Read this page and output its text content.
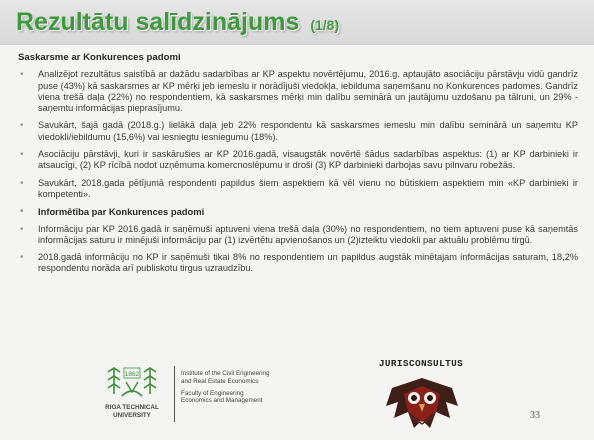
Rezultātu salīdzinājums (1/8)
Saskarsme ar Konkurences padomi
• Analizējot rezultātus saistībā ar dažādu sadarbības ar KP aspektu novērtējumu, 2016.g. aptaujāto asociāciju pārstāvju vidū gandrīz puse (43%) kā saskarsmes ar KP mērķi jeb iemeslu ir norādījuši viedokļa, iebilduma saņemšanu no Konkurences padomes. Gandrīz viena trešā daļa (22%) no respondentiem, kā saskarsmes mērķi min dalību seminārā un jautājumu uzdošanu pa tālruni, un 29% -saņemtu informācijas pieprasījumu.
• Savukārt, šajā gadā (2018.g.) lielākā daļa jeb 22% respondentu kā saskarsmes iemeslu min dalību seminārā un saņemtu KP viedokli/iebildumu (15,6%) vai iesniegtu iesniegumu (18%).
• Asociāciju pārstāvji, kuri ir saskārušies ar KP 2016.gadā, visaugstāk novērtē šādus sadarbības aspektus: (1) ar KP darbinieki ir atsaucīgi, (2) KP rīcībā nodot uzņēmuma komercnoslēpumu ir droši (3) KP darbinieki darbojas savu pilnvaru robežās.
• Savukārt, 2018.gada pētījumā respondenti papildus šiem aspektiem kā vēl vienu no būtiskiem aspektiem min «KP darbinieki ir kompetenti».
• Informētība par Konkurences padomi
• Informāciju par KP 2016.gadā ir saņēmuši aptuveni viena trešā daļa (30%) no respondentiem, no tiem aptuveni puse kā saņemtās informācijas saturu ir minējuši informāciju par (1) izvērtētu apvienošanos un (2)izteiktu viedokli par aktuālu problēmu tirgū.
• 2018.gadā informāciju no KP ir saņēmuši tikai 8% no respondentiem un papildus augstāk minētajam informācijas saturam, 18,2% respondentu norāda arī publiskotu tirgus uzraudzību.
1862
RIGA TECHNICAL
UNIVERSITY
Institute of the Civil Engineering
and Real Estate Economics
Faculty of Engineering
Economics and Management
JURISCONSULTUS
33
